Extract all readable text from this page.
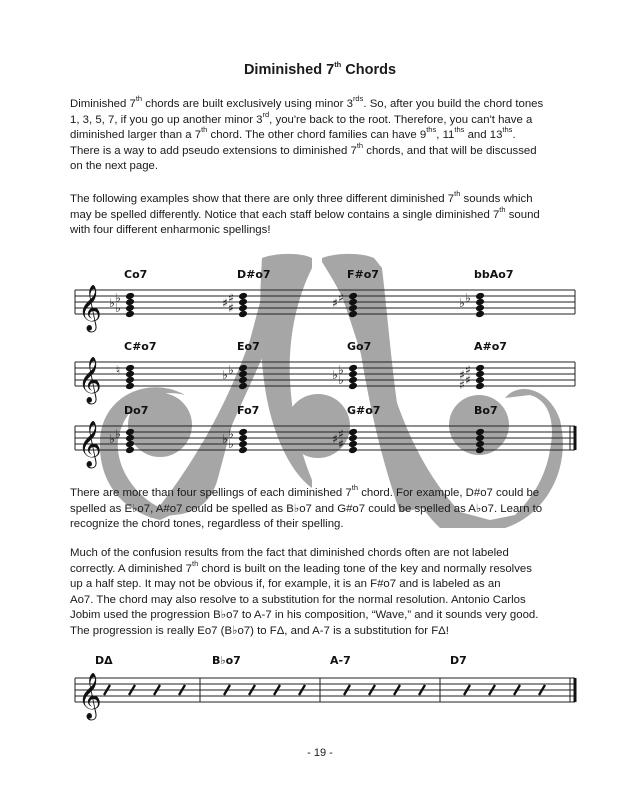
Diminished 7th Chords

Diminished 7th chords are built exclusively using minor $3^{rds}$. So, after you build the chord tones

1, 3, 5, 7, if you go up another minor 3rd, you're back to the root. Therefore, you can't have a

diminished larger than a 7th chord. The other chord families can have $9^{ths}$, $11^{ths}$ and $13^{ths}$.

There is a way to add pseudo extensions to diminished 7th chords, and that will be discussed

on the next page.

The following examples show that there are only three different diminished 7th sounds which

may be spelled differently. Notice that each staff below contains a single diminished 7th sound

with four different enharmonic spellings!

𝄞 ♭
♭ ♭
Co7
♯
♯ ♯
D#o7
♯
♯
F#o7
♭
♭
bbAo7
𝄞 ♮
C#o7
♭
♭
Eo7
♭
♭ ♭
Go7
♯
♯ ♯
♯
A#o7
𝄞 ♭
♭
Do7
♭
♭ ♭
Fo7
♯
♯ ♯
G#o7	Bo7

There are more than four spellings of each diminished 7th chord. For example, D#o7 could be

spelled as E♭o7, A#o7 could be spelled as B♭o7 and G#o7 could be spelled as A♭o7. Learn to

recognize the chord tones, regardless of their spelling.

Much of the confusion results from the fact that diminished chords often are not labeled

correctly. A diminished 7th chord is built on the leading tone of the key and normally resolves

up a half step. It may not be obvious if, for example, it is an F#o7 and is labeled as an

Ao7. The chord may also resolve to a substitution for the normal resolution. Antonio Carlos

Jobim used the progression B♭o7 to A-7 in his composition, “Wave,” and it sounds very good.

The progression is really Eo7 (B♭o7) to FΔ, and A-7 is a substitution for FΔ!

𝄞
DΔ	B♭o7	A-7	D7
- 19 -
